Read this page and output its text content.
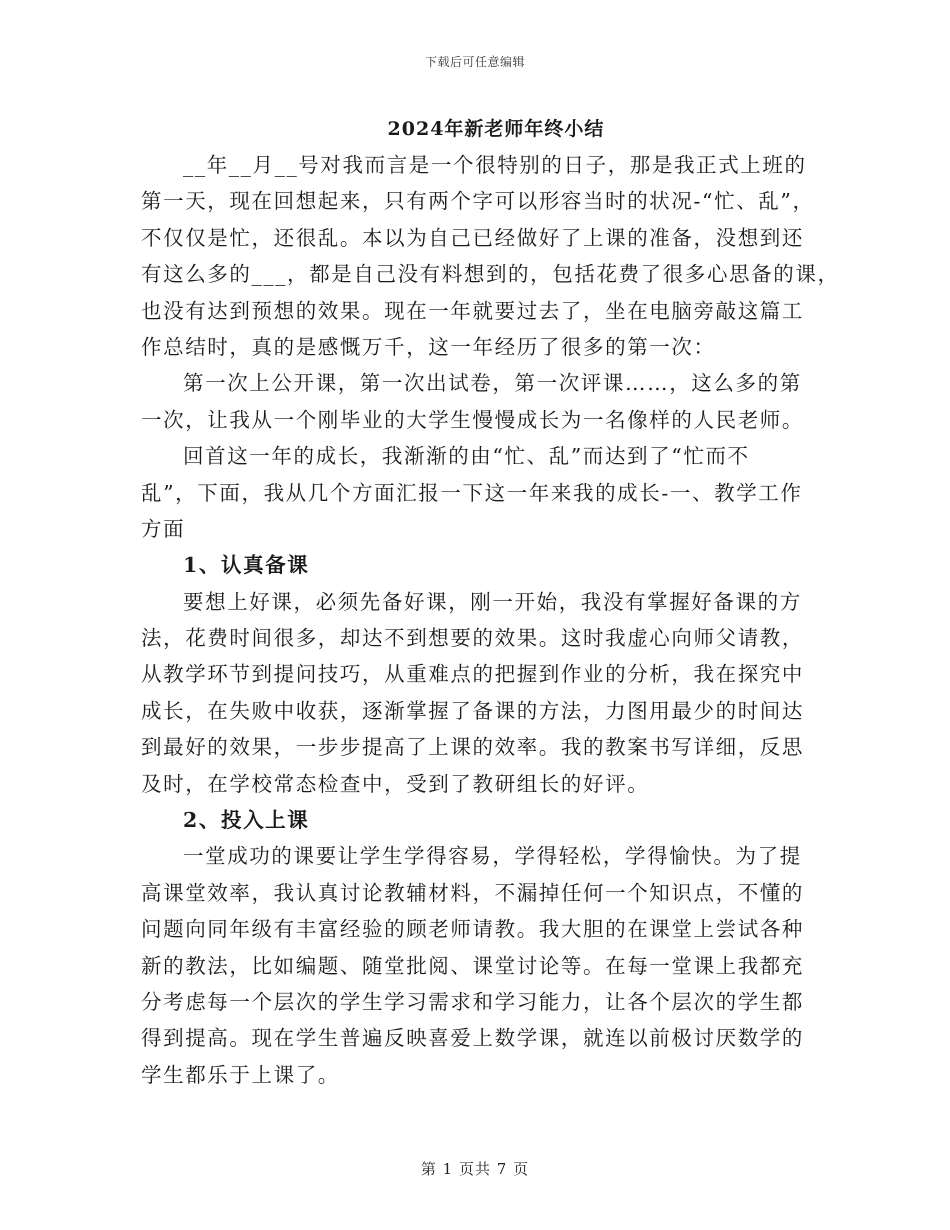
下载后可任意编辑
2024年新老师年终小结
__年__月__号对我而言是一个很特别的日子，那是我正式上班的
第一天，现在回想起来，只有两个字可以形容当时的状况-“忙、乱”，
不仅仅是忙，还很乱。本以为自己已经做好了上课的准备，没想到还
有这么多的___，都是自己没有料想到的，包括花费了很多心思备的课，
也没有达到预想的效果。现在一年就要过去了，坐在电脑旁敲这篇工
作总结时，真的是感慨万千，这一年经历了很多的第一次：
第一次上公开课，第一次出试卷，第一次评课……，这么多的第
一次，让我从一个刚毕业的大学生慢慢成长为一名像样的人民老师。
回首这一年的成长，我渐渐的由“忙、乱”而达到了“忙而不
乱”，下面，我从几个方面汇报一下这一年来我的成长-一、教学工作
方面
1、认真备课
要想上好课，必须先备好课，刚一开始，我没有掌握好备课的方
法，花费时间很多，却达不到想要的效果。这时我虚心向师父请教，
从教学环节到提问技巧，从重难点的把握到作业的分析，我在探究中
成长，在失败中收获，逐渐掌握了备课的方法，力图用最少的时间达
到最好的效果，一步步提高了上课的效率。我的教案书写详细，反思
及时，在学校常态检查中，受到了教研组长的好评。
2、投入上课
一堂成功的课要让学生学得容易，学得轻松，学得愉快。为了提
高课堂效率，我认真讨论教辅材料，不漏掉任何一个知识点，不懂的
问题向同年级有丰富经验的顾老师请教。我大胆的在课堂上尝试各种
新的教法，比如编题、随堂批阅、课堂讨论等。在每一堂课上我都充
分考虑每一个层次的学生学习需求和学习能力，让各个层次的学生都
得到提高。现在学生普遍反映喜爱上数学课，就连以前极讨厌数学的
学生都乐于上课了。
第 1 页共 7 页
